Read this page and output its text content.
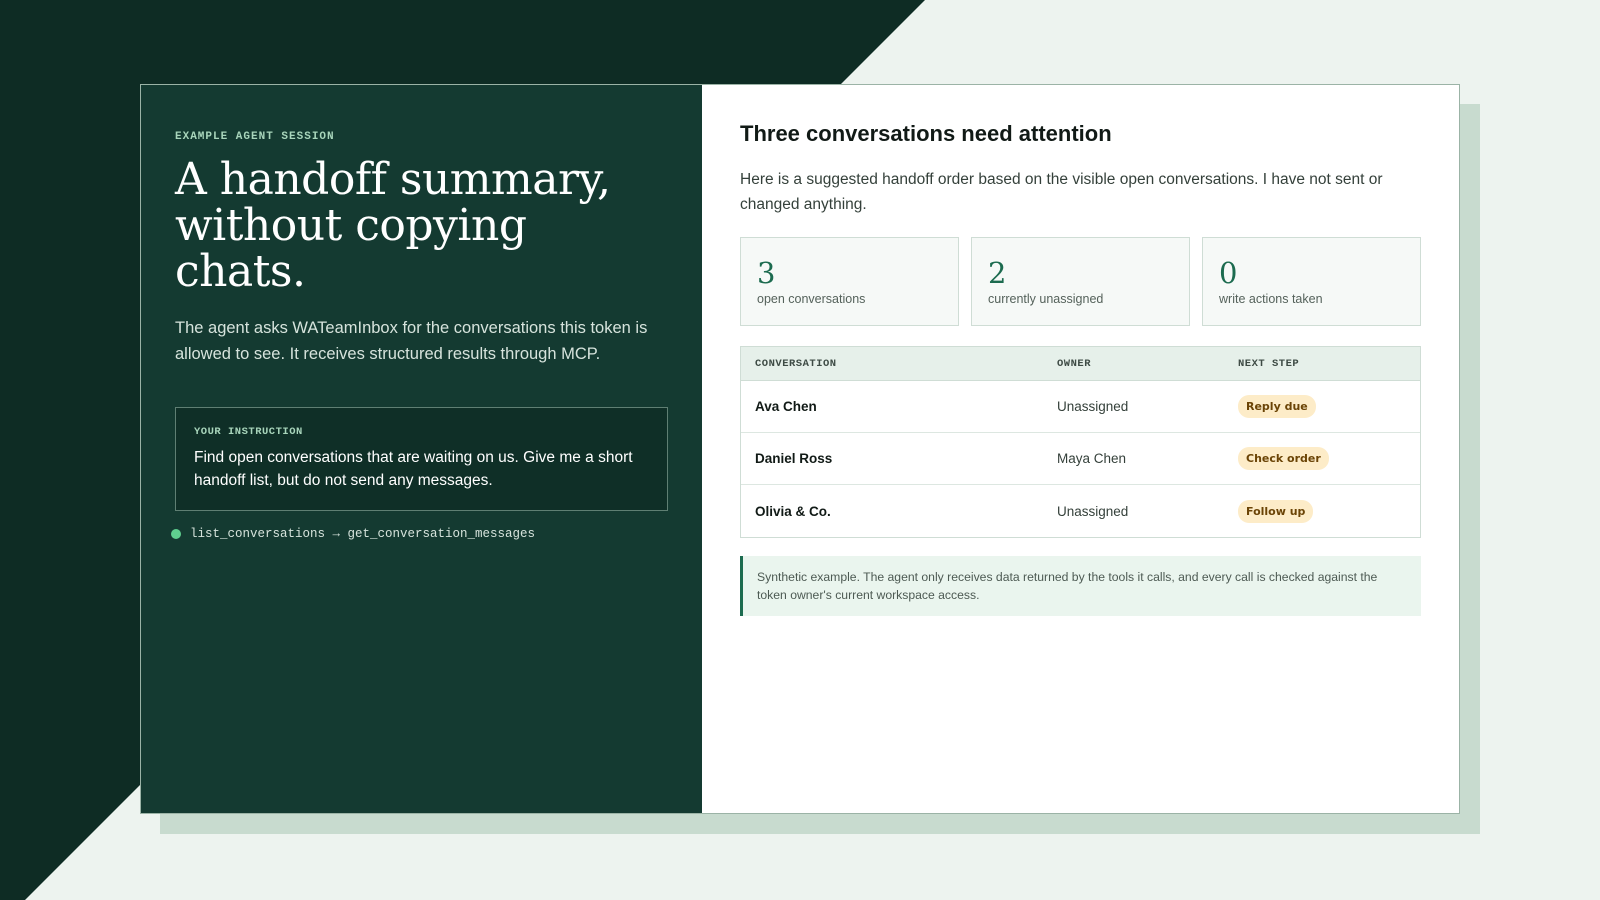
EXAMPLE AGENT SESSION
A handoff summary,
without copying chats.

The agent asks WATeamInbox for the conversations this token is allowed to see. It receives structured results through MCP.

YOUR INSTRUCTION
Find open conversations that are waiting on us. Give me a short handoff list, but do not send any messages.
list_conversations → get_conversation_messages
Three conversations need attention

Here is a suggested handoff order based on the visible open conversations. I have not sent or changed anything.

3
open conversations
2
currently unassigned
0
write actions taken
CONVERSATION	OWNER	NEXT STEP
Ava Chen	Unassigned	Reply due
Daniel Ross	Maya Chen	Check order
Olivia & Co.	Unassigned	Follow up
Synthetic example. The agent only receives data returned by the tools it calls, and every call is checked against the token owner's current workspace access.
